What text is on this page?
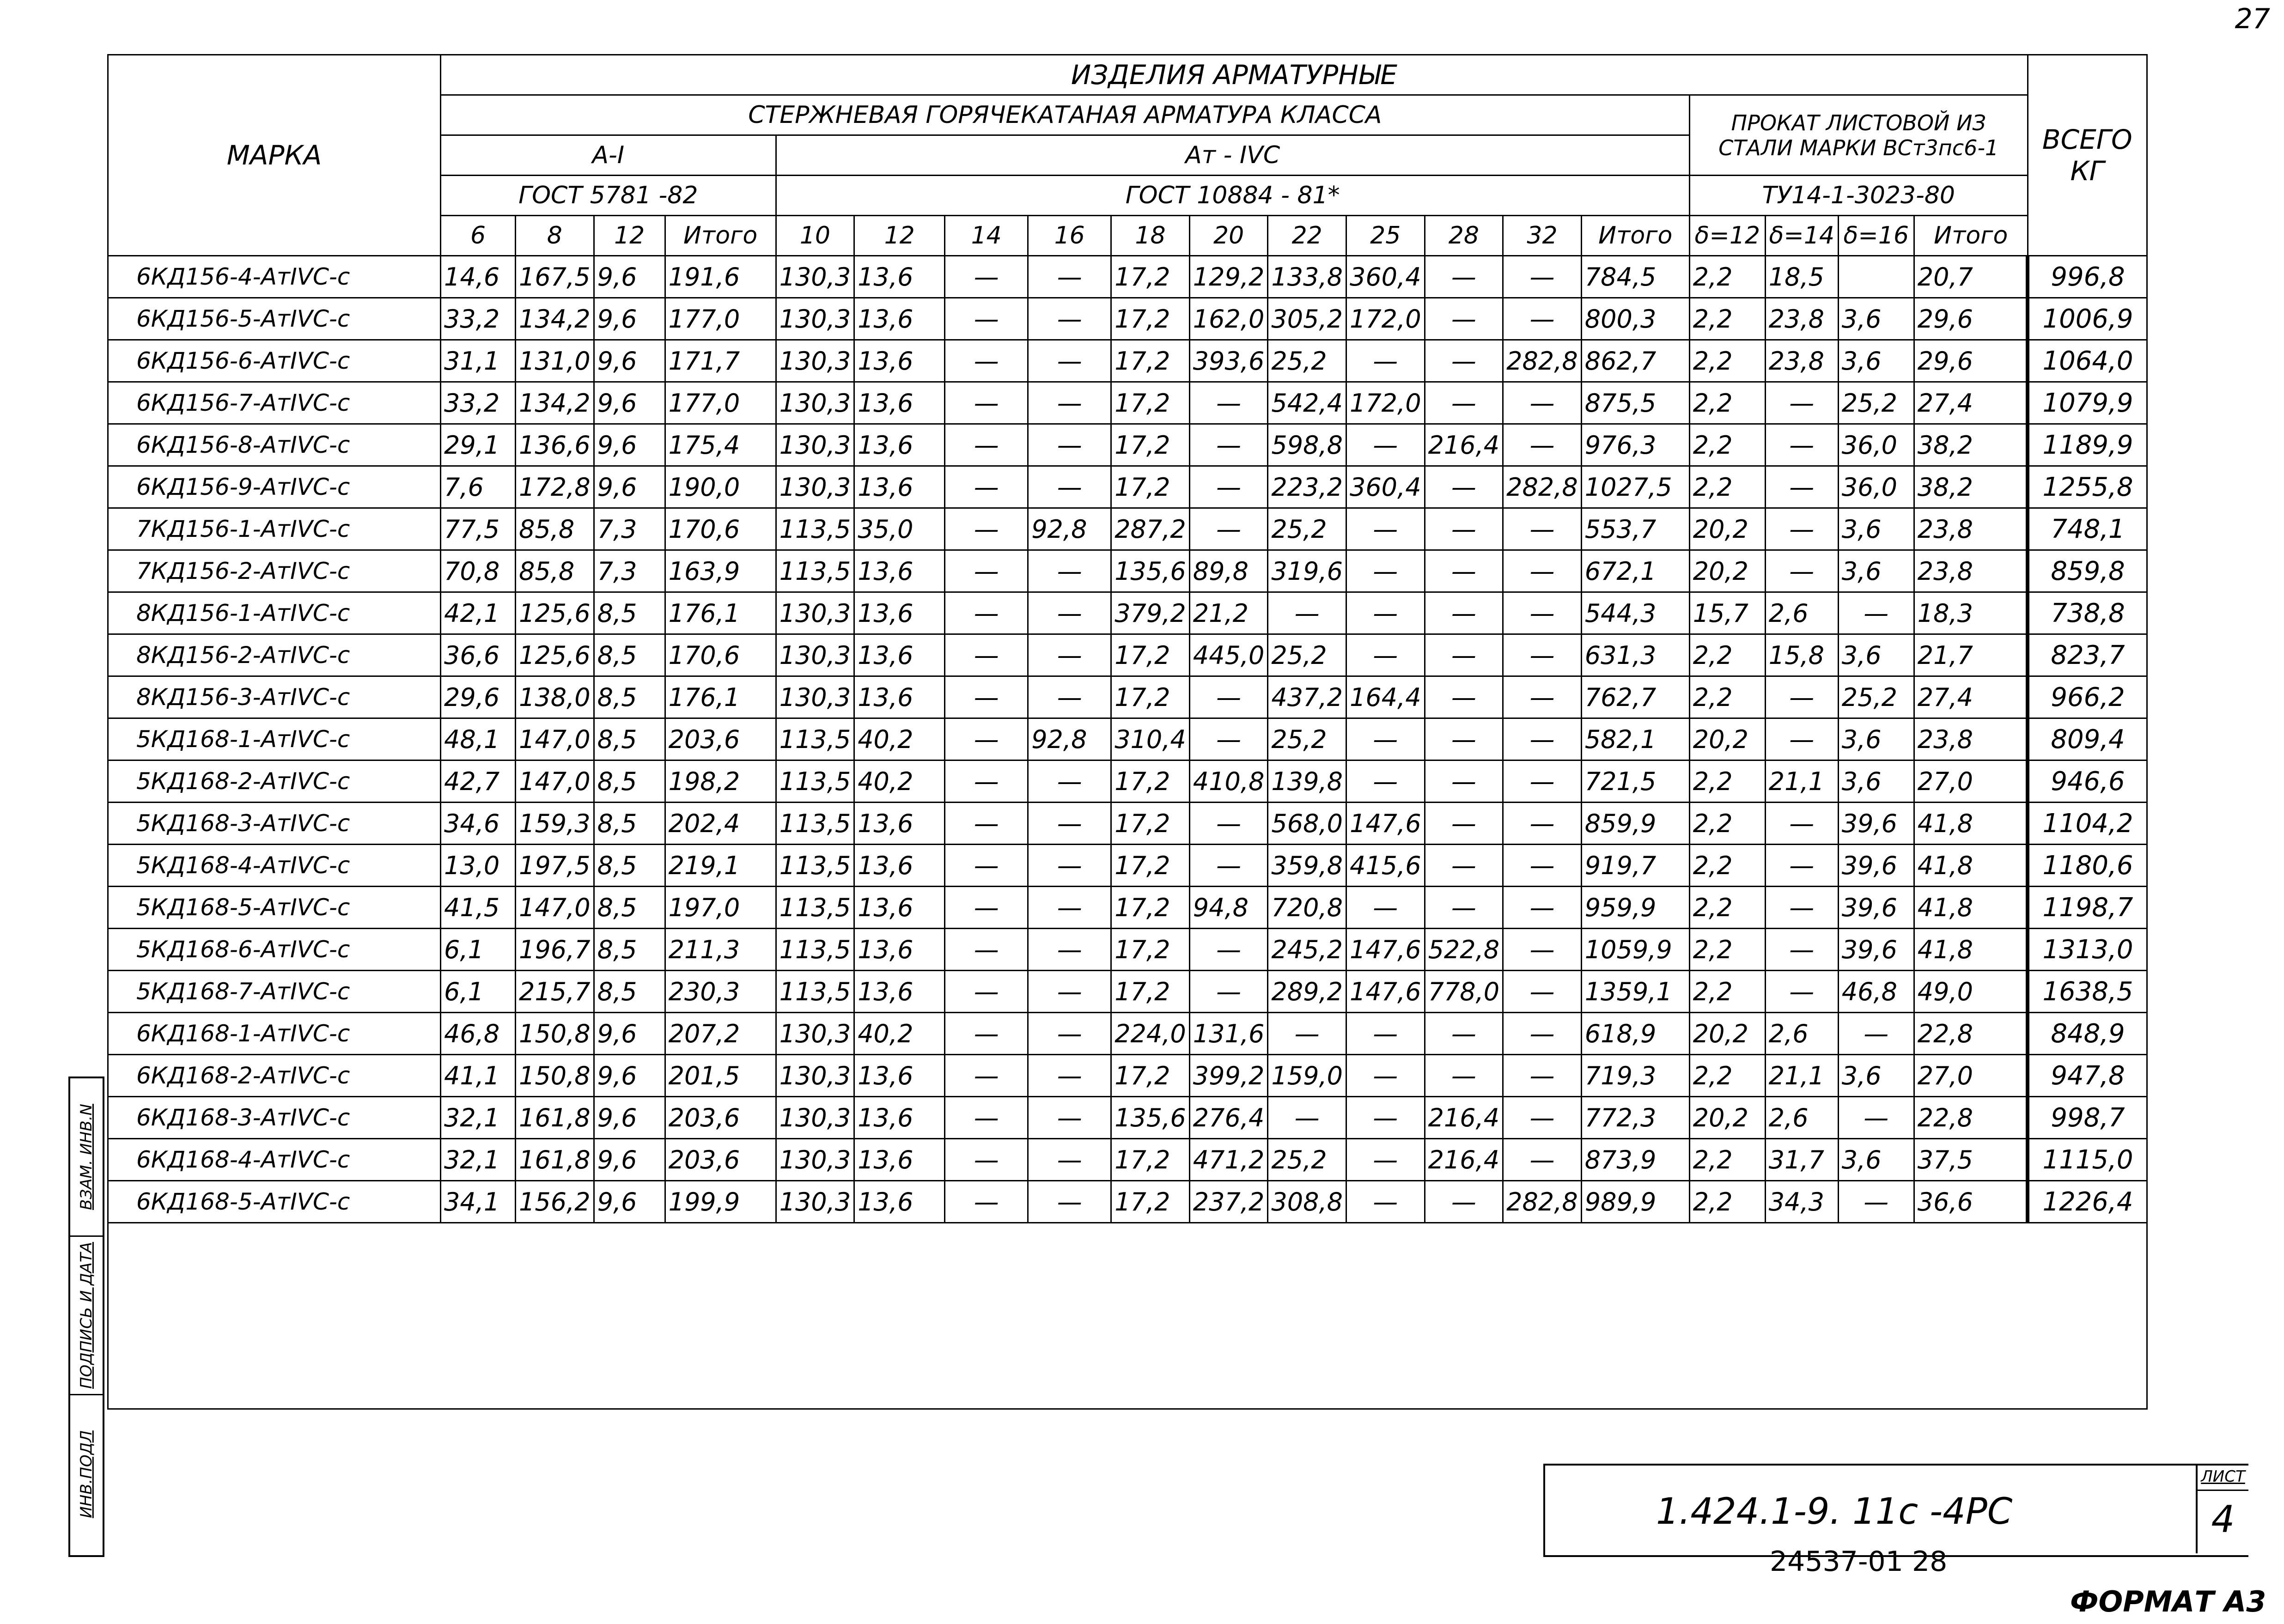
27
МАРКА	ИЗДЕЛИЯ АРМАТУРНЫЕ																			ВСЕГО КГ
	СТЕРЖНЕВАЯ ГОРЯЧЕКАТАНАЯ АРМАТУРА КЛАССА															ПРОКАТ ЛИСТОВОЙ ИЗ СТАЛИ МАРКИ ВСт3пс6-1				
	А-I				Ат - IVС															
	ГОСТ 5781 -82				ГОСТ 10884 - 81*											ТУ14-1-3023-80				
	6	8	12	Итого	10	12	14	16	18	20	22	25	28	32	Итого	δ=12	δ=14	δ=16	Итого	
6КД156-4-АтIVС-с	14,6	167,5	9,6	191,6	130,3	13,6	—	—	17,2	129,2	133,8	360,4	—	—	784,5	2,2	18,5		20,7	996,8
6КД156-5-АтIVС-с	33,2	134,2	9,6	177,0	130,3	13,6	—	—	17,2	162,0	305,2	172,0	—	—	800,3	2,2	23,8	3,6	29,6	1006,9
6КД156-6-АтIVС-с	31,1	131,0	9,6	171,7	130,3	13,6	—	—	17,2	393,6	25,2	—	—	282,8	862,7	2,2	23,8	3,6	29,6	1064,0
6КД156-7-АтIVС-с	33,2	134,2	9,6	177,0	130,3	13,6	—	—	17,2	—	542,4	172,0	—	—	875,5	2,2	—	25,2	27,4	1079,9
6КД156-8-АтIVС-с	29,1	136,6	9,6	175,4	130,3	13,6	—	—	17,2	—	598,8	—	216,4	—	976,3	2,2	—	36,0	38,2	1189,9
6КД156-9-АтIVС-с	7,6	172,8	9,6	190,0	130,3	13,6	—	—	17,2	—	223,2	360,4	—	282,8	1027,5	2,2	—	36,0	38,2	1255,8
7КД156-1-АтIVС-с	77,5	85,8	7,3	170,6	113,5	35,0	—	92,8	287,2	—	25,2	—	—	—	553,7	20,2	—	3,6	23,8	748,1
7КД156-2-АтIVС-с	70,8	85,8	7,3	163,9	113,5	13,6	—	—	135,6	89,8	319,6	—	—	—	672,1	20,2	—	3,6	23,8	859,8
8КД156-1-АтIVС-с	42,1	125,6	8,5	176,1	130,3	13,6	—	—	379,2	21,2	—	—	—	—	544,3	15,7	2,6	—	18,3	738,8
8КД156-2-АтIVС-с	36,6	125,6	8,5	170,6	130,3	13,6	—	—	17,2	445,0	25,2	—	—	—	631,3	2,2	15,8	3,6	21,7	823,7
8КД156-3-АтIVС-с	29,6	138,0	8,5	176,1	130,3	13,6	—	—	17,2	—	437,2	164,4	—	—	762,7	2,2	—	25,2	27,4	966,2
5КД168-1-АтIVС-с	48,1	147,0	8,5	203,6	113,5	40,2	—	92,8	310,4	—	25,2	—	—	—	582,1	20,2	—	3,6	23,8	809,4
5КД168-2-АтIVС-с	42,7	147,0	8,5	198,2	113,5	40,2	—	—	17,2	410,8	139,8	—	—	—	721,5	2,2	21,1	3,6	27,0	946,6
5КД168-3-АтIVС-с	34,6	159,3	8,5	202,4	113,5	13,6	—	—	17,2	—	568,0	147,6	—	—	859,9	2,2	—	39,6	41,8	1104,2
5КД168-4-АтIVС-с	13,0	197,5	8,5	219,1	113,5	13,6	—	—	17,2	—	359,8	415,6	—	—	919,7	2,2	—	39,6	41,8	1180,6
5КД168-5-АтIVС-с	41,5	147,0	8,5	197,0	113,5	13,6	—	—	17,2	94,8	720,8	—	—	—	959,9	2,2	—	39,6	41,8	1198,7
5КД168-6-АтIVС-с	6,1	196,7	8,5	211,3	113,5	13,6	—	—	17,2	—	245,2	147,6	522,8	—	1059,9	2,2	—	39,6	41,8	1313,0
5КД168-7-АтIVС-с	6,1	215,7	8,5	230,3	113,5	13,6	—	—	17,2	—	289,2	147,6	778,0	—	1359,1	2,2	—	46,8	49,0	1638,5
6КД168-1-АтIVС-с	46,8	150,8	9,6	207,2	130,3	40,2	—	—	224,0	131,6	—	—	—	—	618,9	20,2	2,6	—	22,8	848,9
6КД168-2-АтIVС-с	41,1	150,8	9,6	201,5	130,3	13,6	—	—	17,2	399,2	159,0	—	—	—	719,3	2,2	21,1	3,6	27,0	947,8
6КД168-3-АтIVС-с	32,1	161,8	9,6	203,6	130,3	13,6	—	—	135,6	276,4	—	—	216,4	—	772,3	20,2	2,6	—	22,8	998,7
6КД168-4-АтIVС-с	32,1	161,8	9,6	203,6	130,3	13,6	—	—	17,2	471,2	25,2	—	216,4	—	873,9	2,2	31,7	3,6	37,5	1115,0
6КД168-5-АтIVС-с	34,1	156,2	9,6	199,9	130,3	13,6	—	—	17,2	237,2	308,8	—	—	282,8	989,9	2,2	34,3	—	36,6	1226,4

ВЗАМ. ИНВ.N
ПОДПИСЬ И ДАТА
ИНВ.ПОДЛ	1.424.1-9. 11с -4РС
ЛИСТ
4
24537-01 28
ФОРМАТ А3
